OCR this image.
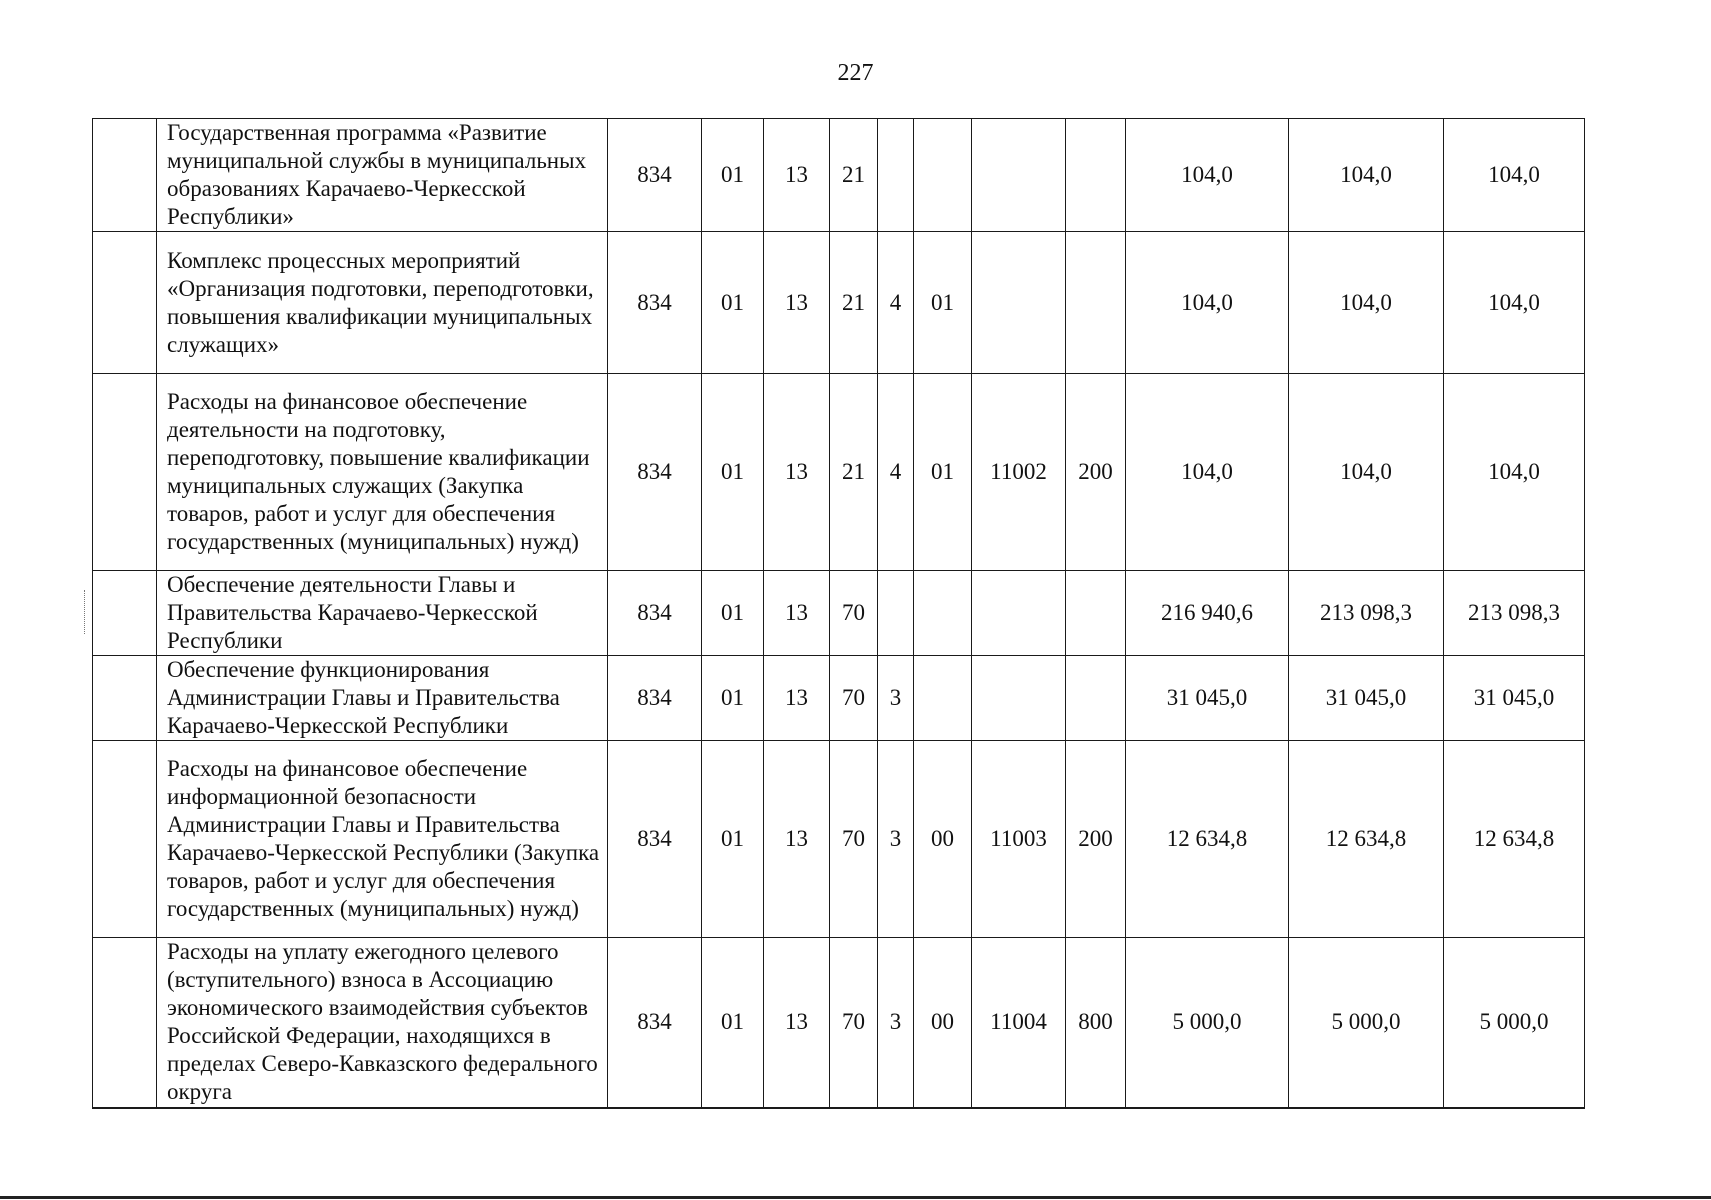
227
	Государственная программа «Развитие муниципальной службы в муниципальных образованиях Карачаево-Черкесской Республики»	834	01	13	21					104,0	104,0	104,0
	Комплекс процессных мероприятий «Организация подготовки, переподготовки, повышения квалификации муниципальных служащих»	834	01	13	21	4	01			104,0	104,0	104,0
	Расходы на финансовое обеспечение деятельности на подготовку, переподготовку, повышение квалификации муниципальных служащих (Закупка товаров, работ и услуг для обеспечения государственных (муниципальных) нужд)	834	01	13	21	4	01	11002	200	104,0	104,0	104,0
	Обеспечение деятельности Главы и Правительства Карачаево-Черкесской Республики	834	01	13	70					216 940,6	213 098,3	213 098,3
	Обеспечение функционирования Администрации Главы и Правительства Карачаево-Черкесской Республики	834	01	13	70	3				31 045,0	31 045,0	31 045,0
	Расходы на финансовое обеспечение информационной безопасности Администрации Главы и Правительства Карачаево-Черкесской Республики (Закупка товаров, работ и услуг для обеспечения государственных (муниципальных) нужд)	834	01	13	70	3	00	11003	200	12 634,8	12 634,8	12 634,8
	Расходы на уплату ежегодного целевого (вступительного) взноса в Ассоциацию экономического взаимодействия субъектов Российской Федерации, находящихся в пределах Северо-Кавказского федерального округа	834	01	13	70	3	00	11004	800	5 000,0	5 000,0	5 000,0
